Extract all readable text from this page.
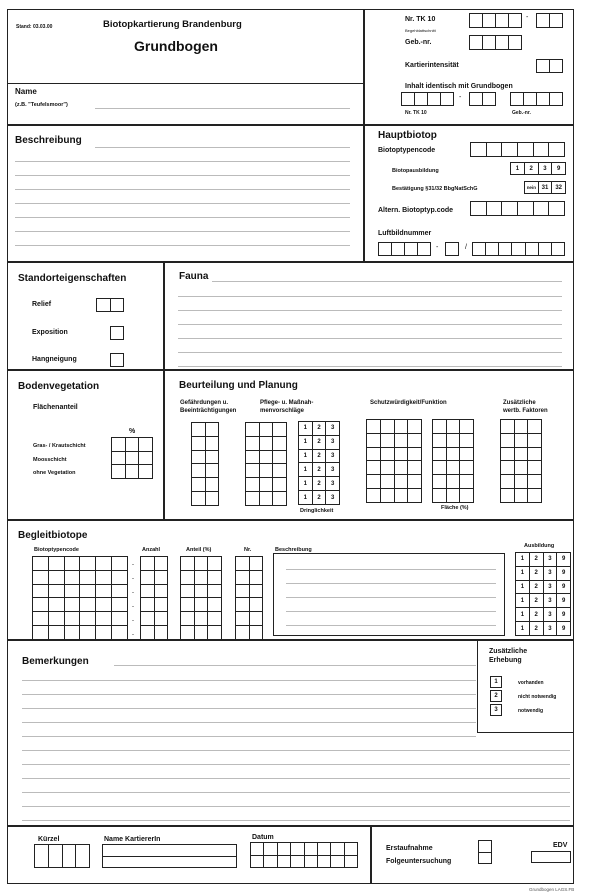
Stand: 03.03.00	Biotopkartierung Brandenburg
Grundbogen
Name
(z.B. "Teufelsmoor")
Nr. TK 10
Begehblattschnitt
-
Geb.-nr.
Kartierintensität
Inhalt identisch mit Grundbogen
-
Nr. TK 10	Geb.-nr.
Beschreibung	Hauptbiotop
Biotoptypencode
Biotopausbildung	1	2	3	9
Bestätigung §31/32 BbgNatSchG	nein 31	32
Altern. Biotoptyp.code
Luftbildnummer
-	/
Standorteigenschaften
Relief
Exposition
Hangneigung
Fauna
Bodenvegetation
Flächenanteil
%
Gras- / Krautschicht
Moosschicht
ohne Vegetation
Beurteilung und Planung
Gefährdungen u.
Beeinträchtigungen
Pflege- u. Maßnah-
menvorschläge
1	2	3
1	2	3
1	2	3
1	2	3
1	2	3
1	2	3
Dringlichkeit
Schutzwürdigkeit/Funktion
Fläche (%)
Zusätzliche
wertb. Faktoren
Begleitbiotope
Biotoptypencode
-
-
-
-
-
-
Anzahl	Anteil (%)	Nr.	Beschreibung
Ausbildung
1	2	3	9
1	2	3	9
1	2	3	9
1	2	3	9
1	2	3	9
1	2	3	9
Bemerkungen
Zusätzliche
Erhebung
1	vorhanden
2	nicht notwendig
3	notwendig
Kürzel	Name KartiererIn	Datum
Erstaufnahme
Folgeuntersuchung
EDV
Grundbogen LAGS.FB
